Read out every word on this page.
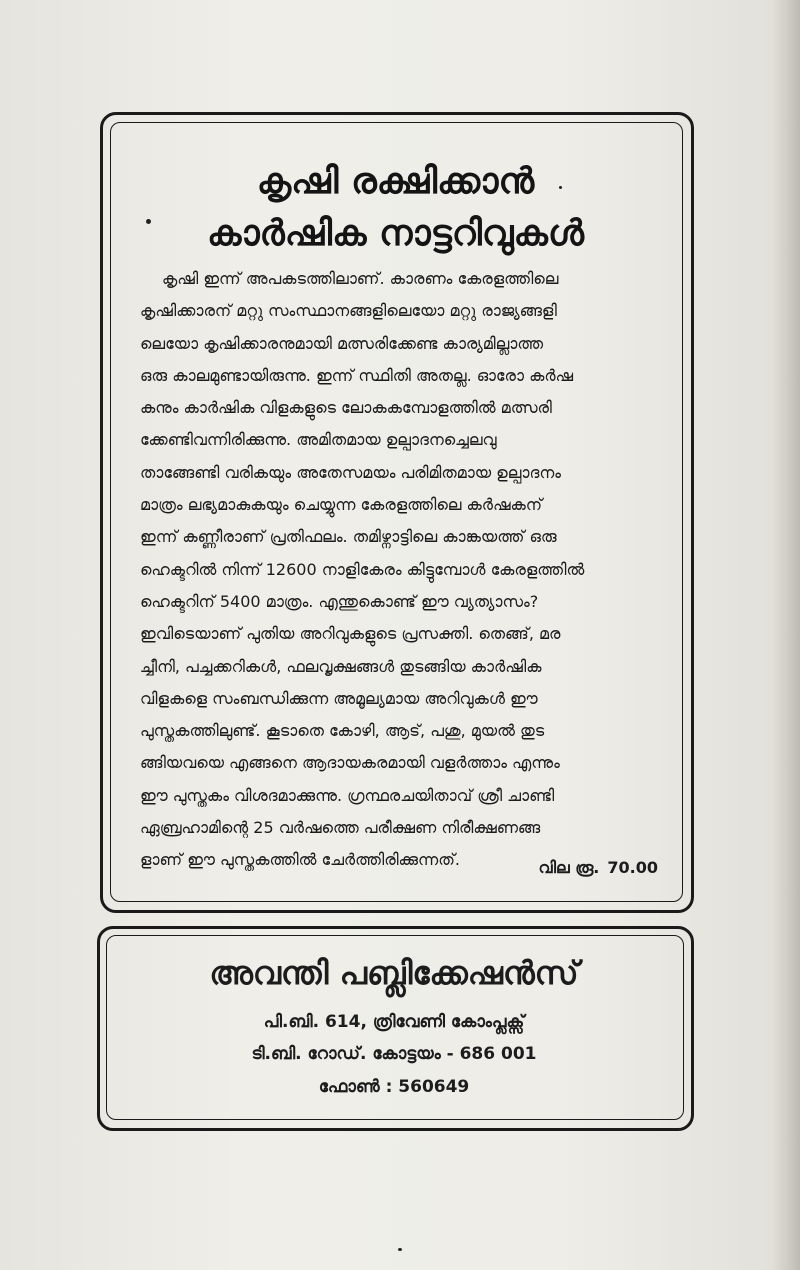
കൃഷി രക്ഷിക്കാൻ
കാർഷിക നാട്ടറിവുകൾ
കൃഷി ഇന്ന് അപകടത്തിലാണ്. കാരണം കേരളത്തിലെ
കൃഷിക്കാരന് മറ്റു സംസ്ഥാനങ്ങളിലെയോ മറ്റു രാജ്യങ്ങളി
ലെയോ കൃഷിക്കാരനുമായി മത്സരിക്കേണ്ട കാര്യമില്ലാത്ത
ഒരു കാലമുണ്ടായിരുന്നു. ഇന്ന് സ്ഥിതി അതല്ല. ഓരോ കർഷ
കനും കാർഷിക വിളകളുടെ ലോകകമ്പോളത്തിൽ മത്സരി
ക്കേണ്ടിവന്നിരിക്കുന്നു. അമിതമായ ഉല്പാദനച്ചെലവു
താങ്ങേണ്ടി വരികയും അതേസമയം പരിമിതമായ ഉല്പാദനം
മാത്രം ലഭ്യമാകുകയും ചെയ്യുന്ന കേരളത്തിലെ കർഷകന്
ഇന്ന് കണ്ണീരാണ് പ്രതിഫലം. തമിഴ്നാട്ടിലെ കാങ്കയത്ത് ഒരു
ഹെക്ടറിൽ നിന്ന് 12600 നാളികേരം കിട്ടുമ്പോൾ കേരളത്തിൽ
ഹെക്ടറിന് 5400 മാത്രം. എന്തുകൊണ്ട് ഈ വ്യത്യാസം?
ഇവിടെയാണ് പുതിയ അറിവുകളുടെ പ്രസക്തി. തെങ്ങ്, മര
ച്ചീനി, പച്ചക്കറികൾ, ഫലവൃക്ഷങ്ങൾ തുടങ്ങിയ കാർഷിക
വിളകളെ സംബന്ധിക്കുന്ന അമൂല്യമായ അറിവുകൾ ഈ
പുസ്തകത്തിലുണ്ട്. കൂടാതെ കോഴി, ആട്, പശു, മുയൽ തുട
ങ്ങിയവയെ എങ്ങനെ ആദായകരമായി വളർത്താം എന്നും
ഈ പുസ്തകം വിശദമാക്കുന്നു. ഗ്രന്ഥരചയിതാവ് ശ്രീ ചാണ്ടി
ഏബ്രഹാമിന്റെ 25 വർഷത്തെ പരീക്ഷണ നിരീക്ഷണങ്ങ
ളാണ് ഈ പുസ്തകത്തിൽ ചേർത്തിരിക്കുന്നത്.	വില രൂ. 70.00
അവന്തി പബ്ലിക്കേഷൻസ്
പി.ബി. 614, ത്രിവേണി കോംപ്ലക്സ്
ടി.ബി. റോഡ്. കോട്ടയം - 686 001
ഫോൺ : 560649
